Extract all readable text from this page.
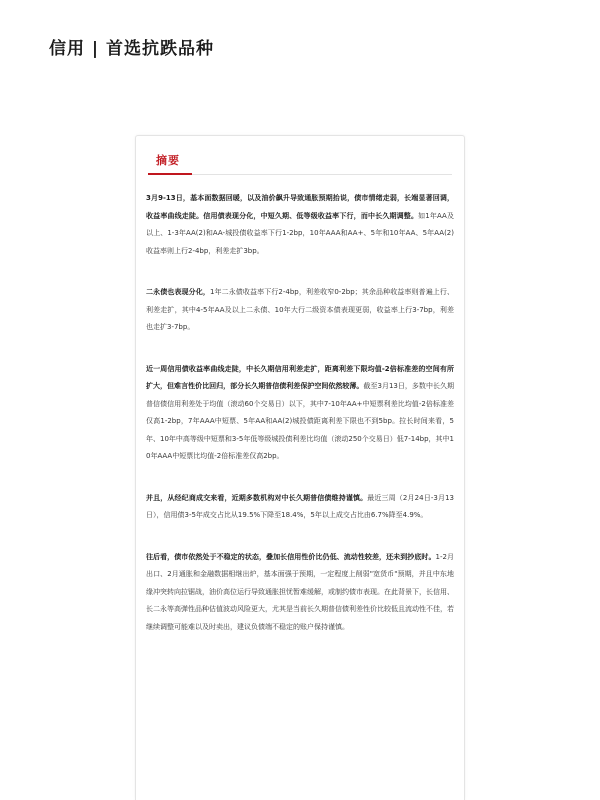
信用 | 首选抗跌品种
摘要

3月9-13日，基本面数据回暖，以及油价飙升导致通胀预期抬说，债市情绪走弱，长端显著回调，收益率曲线走陡。信用债表现分化，中短久期、低等级收益率下行，而中长久期调整。如1年AA及以上、1-3年AA(2)和AA-城投债收益率下行1-2bp，10年AAA和AA+、5年和10年AA、5年AA(2)收益率则上行2-4bp，利差走扩3bp。

二永债也表现分化，1年二永债收益率下行2-4bp，利差收窄0-2bp；其余品种收益率则普遍上行、利差走扩，其中4-5年AA及以上二永债、10年大行二级资本债表现更弱，收益率上行3-7bp，利差也走扩3-7bp。

近一周信用债收益率曲线走陡，中长久期信用利差走扩，距离利差下限均值-2倍标准差的空间有所扩大，但难言性价比回归，部分长久期普信债利差保护空间依然较薄。截至3月13日，多数中长久期普信债信用利差处于均值（滚动60个交易日）以下，其中7-10年AA+中短票利差比均值-2倍标准差仅高1-2bp，7年AAA中短票、5年AA和AA(2)城投债距离利差下限也不到5bp。拉长时间来看，5年、10年中高等级中短票和3-5年低等级城投债利差比均值（滚动250个交易日）低7-14bp，其中10年AAA中短票比均值-2倍标准差仅高2bp。

并且，从经纪商成交来看，近期多数机构对中长久期普信债维持谨慎。最近三周（2月24日-3月13日），信用债3-5年成交占比从19.5%下降至18.4%，5年以上成交占比由6.7%降至4.9%。

往后看，债市依然处于不稳定的状态，叠加长信用性价比仍低、流动性较差，还未到抄底时。1-2月出口、2月通胀和金融数据相继出炉，基本面强于预期，一定程度上削弱"宽货币"预期，并且中东地缘冲突转向拉锯战，油价高位运行导致通胀担忧暂难缓解，或制约债市表现。在此背景下，长信用、长二永等高弹性品种估值波动风险更大，尤其是当前长久期普信债利差性价比较低且流动性不佳，若继续调整可能难以及时卖出，建议负债端不稳定的账户保持谨慎。
